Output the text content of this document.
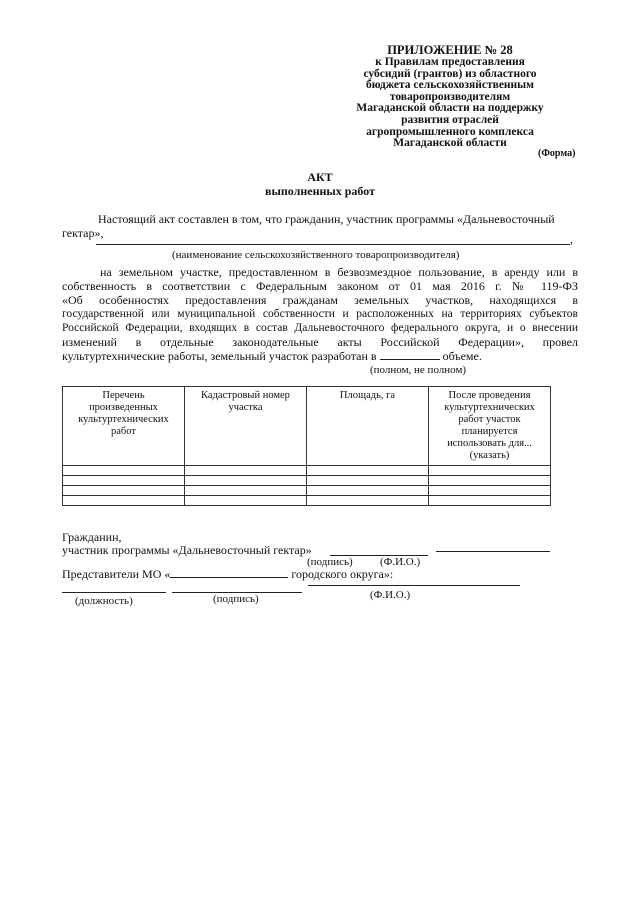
ПРИЛОЖЕНИЕ № 28
к Правилам предоставления
субсидий (грантов) из областного
бюджета сельскохозяйственным
товаропроизводителям
Магаданской области на поддержку
развития отраслей
агропромышленного комплекса
Магаданской области
(Форма)
АКТ
выполненных работ
Настоящий акт составлен в том, что гражданин, участник программы «Дальневосточный
гектар»,	,
(наименование сельскохозяйственного товаропроизводителя)
на земельном участке, предоставленном в безвозмездное пользование, в аренду или в
собственность в соответствии с Федеральным законом от 01 мая 2016 г. № 119-ФЗ
«Об особенностях предоставления гражданам земельных участков, находящихся в
государственной или муниципальной собственности и расположенных на территориях субъектов
Российской Федерации, входящих в состав Дальневосточного федерального округа, и о внесении
изменений в отдельные законодательные акты Российской Федерации», провел
культуртехнические работы, земельный участок разработан в	объеме.
(полном, не полном)
Перечень произведенных культуртехнических работ	Кадастровый номер участка	Площадь, га	После проведения культуртехнических работ участок планируется использовать для... (указать)

Гражданин,
участник программы «Дальневосточный гектар»
(подпись) (Ф.И.О.)
Представители МО «	городского округа»:
(должность)	(подпись)	(Ф.И.О.)
